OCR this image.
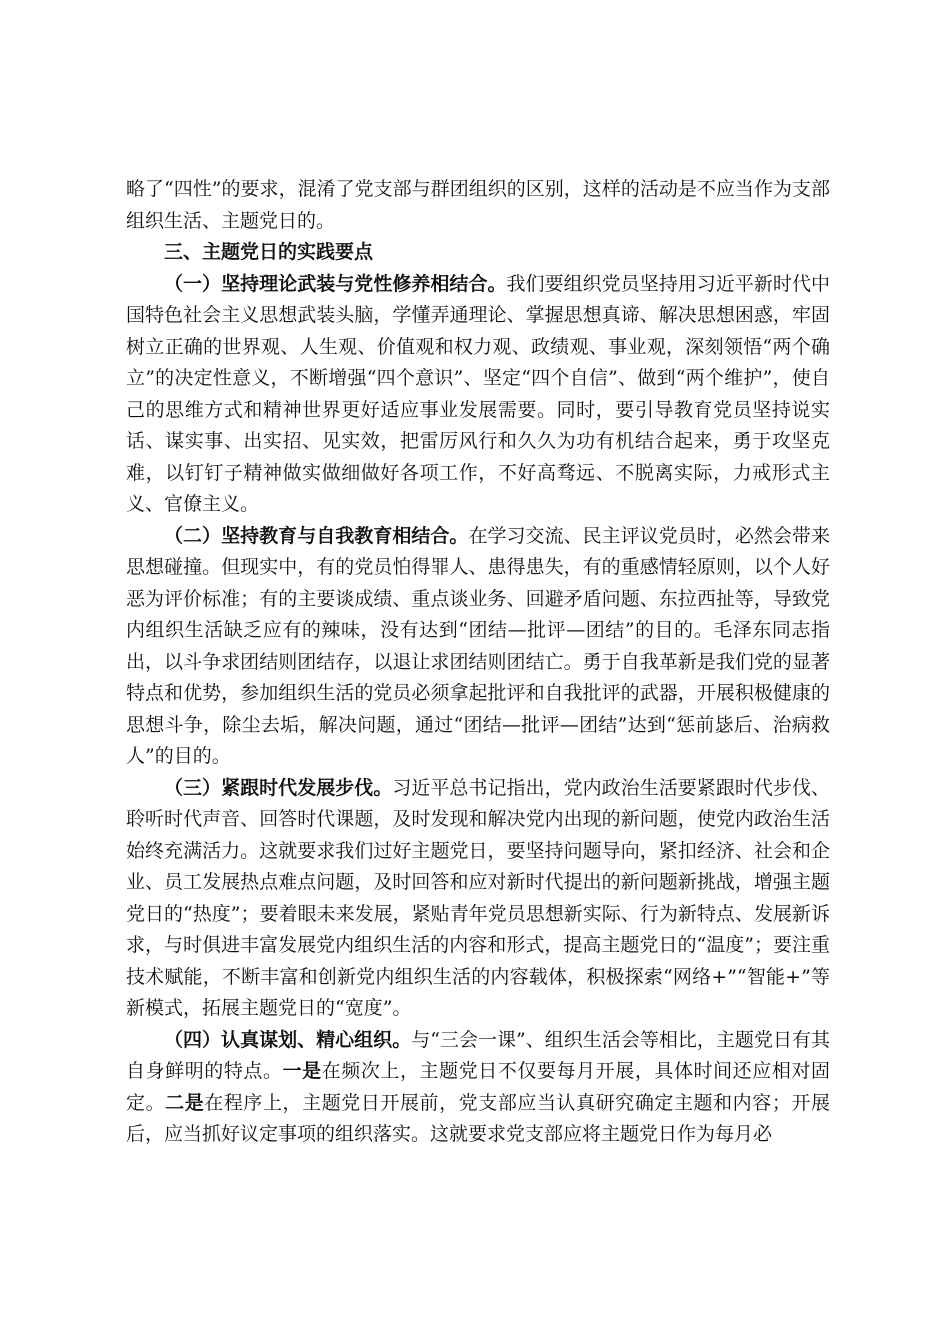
略了“四性”的要求，混淆了党支部与群团组织的区别，这样的活动是不应当作为支部组织生活、主题党日的。

三、主题党日的实践要点

（一）坚持理论武装与党性修养相结合。我们要组织党员坚持用习近平新时代中国特色社会主义思想武装头脑，学懂弄通理论、掌握思想真谛、解决思想困惑，牢固树立正确的世界观、人生观、价值观和权力观、政绩观、事业观，深刻领悟“两个确立”的决定性意义，不断增强“四个意识”、坚定“四个自信”、做到“两个维护”，使自己的思维方式和精神世界更好适应事业发展需要。同时，要引导教育党员坚持说实话、谋实事、出实招、见实效，把雷厉风行和久久为功有机结合起来，勇于攻坚克难，以钉钉子精神做实做细做好各项工作，不好高骛远、不脱离实际，力戒形式主义、官僚主义。

（二）坚持教育与自我教育相结合。在学习交流、民主评议党员时，必然会带来思想碰撞。但现实中，有的党员怕得罪人、患得患失，有的重感情轻原则，以个人好恶为评价标准；有的主要谈成绩、重点谈业务、回避矛盾问题、东拉西扯等，导致党内组织生活缺乏应有的辣味，没有达到“团结—批评—团结”的目的。毛泽东同志指出，以斗争求团结则团结存，以退让求团结则团结亡。勇于自我革新是我们党的显著特点和优势，参加组织生活的党员必须拿起批评和自我批评的武器，开展积极健康的思想斗争，除尘去垢，解决问题，通过“团结—批评—团结”达到“惩前毖后、治病救人”的目的。

（三）紧跟时代发展步伐。习近平总书记指出，党内政治生活要紧跟时代步伐、聆听时代声音、回答时代课题，及时发现和解决党内出现的新问题，使党内政治生活始终充满活力。这就要求我们过好主题党日，要坚持问题导向，紧扣经济、社会和企业、员工发展热点难点问题，及时回答和应对新时代提出的新问题新挑战，增强主题党日的“热度”；要着眼未来发展，紧贴青年党员思想新实际、行为新特点、发展新诉求，与时俱进丰富发展党内组织生活的内容和形式，提高主题党日的“温度”；要注重技术赋能，不断丰富和创新党内组织生活的内容载体，积极探索“网络+”“智能+”等新模式，拓展主题党日的“宽度”。

（四）认真谋划、精心组织。与“三会一课”、组织生活会等相比，主题党日有其自身鲜明的特点。一是在频次上，主题党日不仅要每月开展，具体时间还应相对固定。二是在程序上，主题党日开展前，党支部应当认真研究确定主题和内容；开展后，应当抓好议定事项的组织落实。这就要求党支部应将主题党日作为每月必
